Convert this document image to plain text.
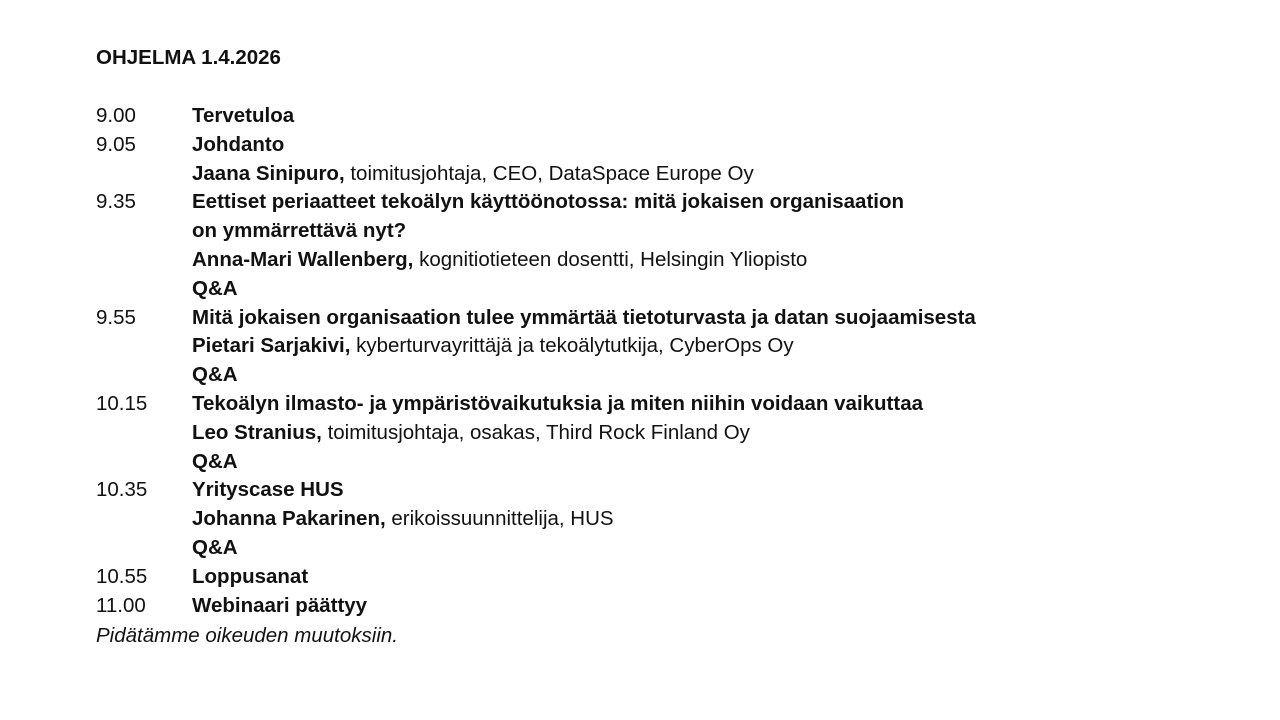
OHJELMA 1.4.2026
9.00	Tervetuloa
9.05	Johdanto
Jaana Sinipuro, toimitusjohtaja, CEO, DataSpace Europe Oy
9.35	Eettiset periaatteet tekoälyn käyttöönotossa: mitä jokaisen organisaation
on ymmärrettävä nyt?
Anna-Mari Wallenberg, kognitiotieteen dosentti, Helsingin Yliopisto
Q&A
9.55	Mitä jokaisen organisaation tulee ymmärtää tietoturvasta ja datan suojaamisesta
Pietari Sarjakivi, kyberturvayrittäjä ja tekoälytutkija, CyberOps Oy
Q&A
10.15	Tekoälyn ilmasto- ja ympäristövaikutuksia ja miten niihin voidaan vaikuttaa
Leo Stranius, toimitusjohtaja, osakas, Third Rock Finland Oy
Q&A
10.35	Yrityscase HUS
Johanna Pakarinen, erikoissuunnittelija, HUS
Q&A
10.55	Loppusanat
11.00	Webinaari päättyy
Pidätämme oikeuden muutoksiin.
